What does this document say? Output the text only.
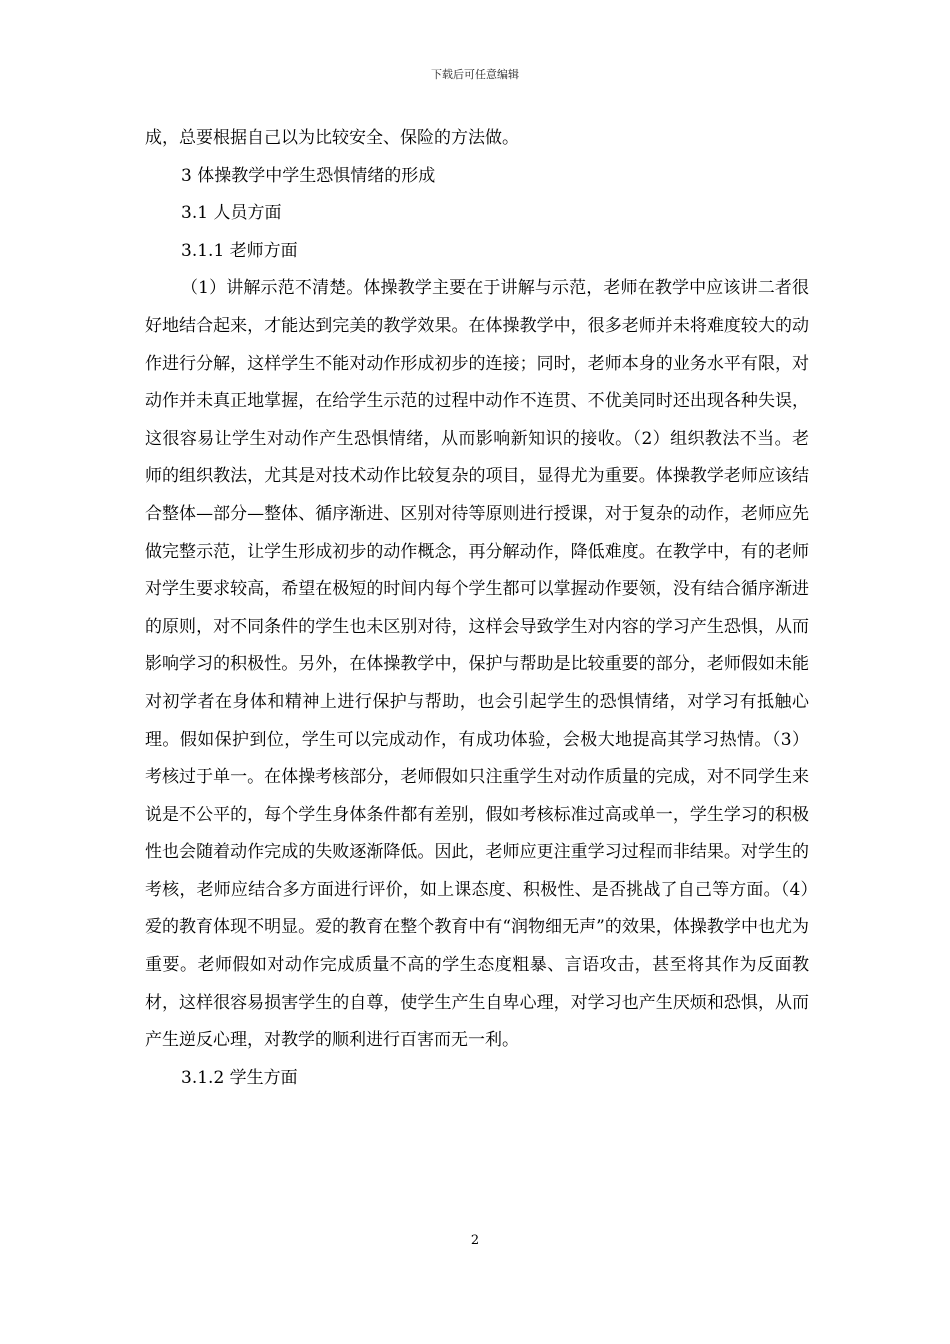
下载后可任意编辑

成，总要根据自己以为比较安全、保险的方法做。

3 体操教学中学生恐惧情绪的形成

3.1 人员方面

3.1.1 老师方面

（1）讲解示范不清楚。体操教学主要在于讲解与示范，老师在教学中应该讲二者很好地结合起来，才能达到完美的教学效果。在体操教学中，很多老师并未将难度较大的动作进行分解，这样学生不能对动作形成初步的连接；同时，老师本身的业务水平有限，对动作并未真正地掌握，在给学生示范的过程中动作不连贯、不优美同时还出现各种失误，这很容易让学生对动作产生恐惧情绪，从而影响新知识的接收。（2）组织教法不当。老师的组织教法，尤其是对技术动作比较复杂的项目，显得尤为重要。体操教学老师应该结合整体—部分—整体、循序渐进、区别对待等原则进行授课，对于复杂的动作，老师应先做完整示范，让学生形成初步的动作概念，再分解动作，降低难度。在教学中，有的老师对学生要求较高，希望在极短的时间内每个学生都可以掌握动作要领，没有结合循序渐进的原则，对不同条件的学生也未区别对待，这样会导致学生对内容的学习产生恐惧，从而影响学习的积极性。另外，在体操教学中，保护与帮助是比较重要的部分，老师假如未能对初学者在身体和精神上进行保护与帮助，也会引起学生的恐惧情绪，对学习有抵触心理。假如保护到位，学生可以完成动作，有成功体验，会极大地提高其学习热情。（3）考核过于单一。在体操考核部分，老师假如只注重学生对动作质量的完成，对不同学生来说是不公平的，每个学生身体条件都有差别，假如考核标准过高或单一，学生学习的积极性也会随着动作完成的失败逐渐降低。因此，老师应更注重学习过程而非结果。对学生的考核，老师应结合多方面进行评价，如上课态度、积极性、是否挑战了自己等方面。（4）爱的教育体现不明显。爱的教育在整个教育中有“润物细无声”的效果，体操教学中也尤为重要。老师假如对动作完成质量不高的学生态度粗暴、言语攻击，甚至将其作为反面教材，这样很容易损害学生的自尊，使学生产生自卑心理，对学习也产生厌烦和恐惧，从而产生逆反心理，对教学的顺利进行百害而无一利。

3.1.2 学生方面

2
